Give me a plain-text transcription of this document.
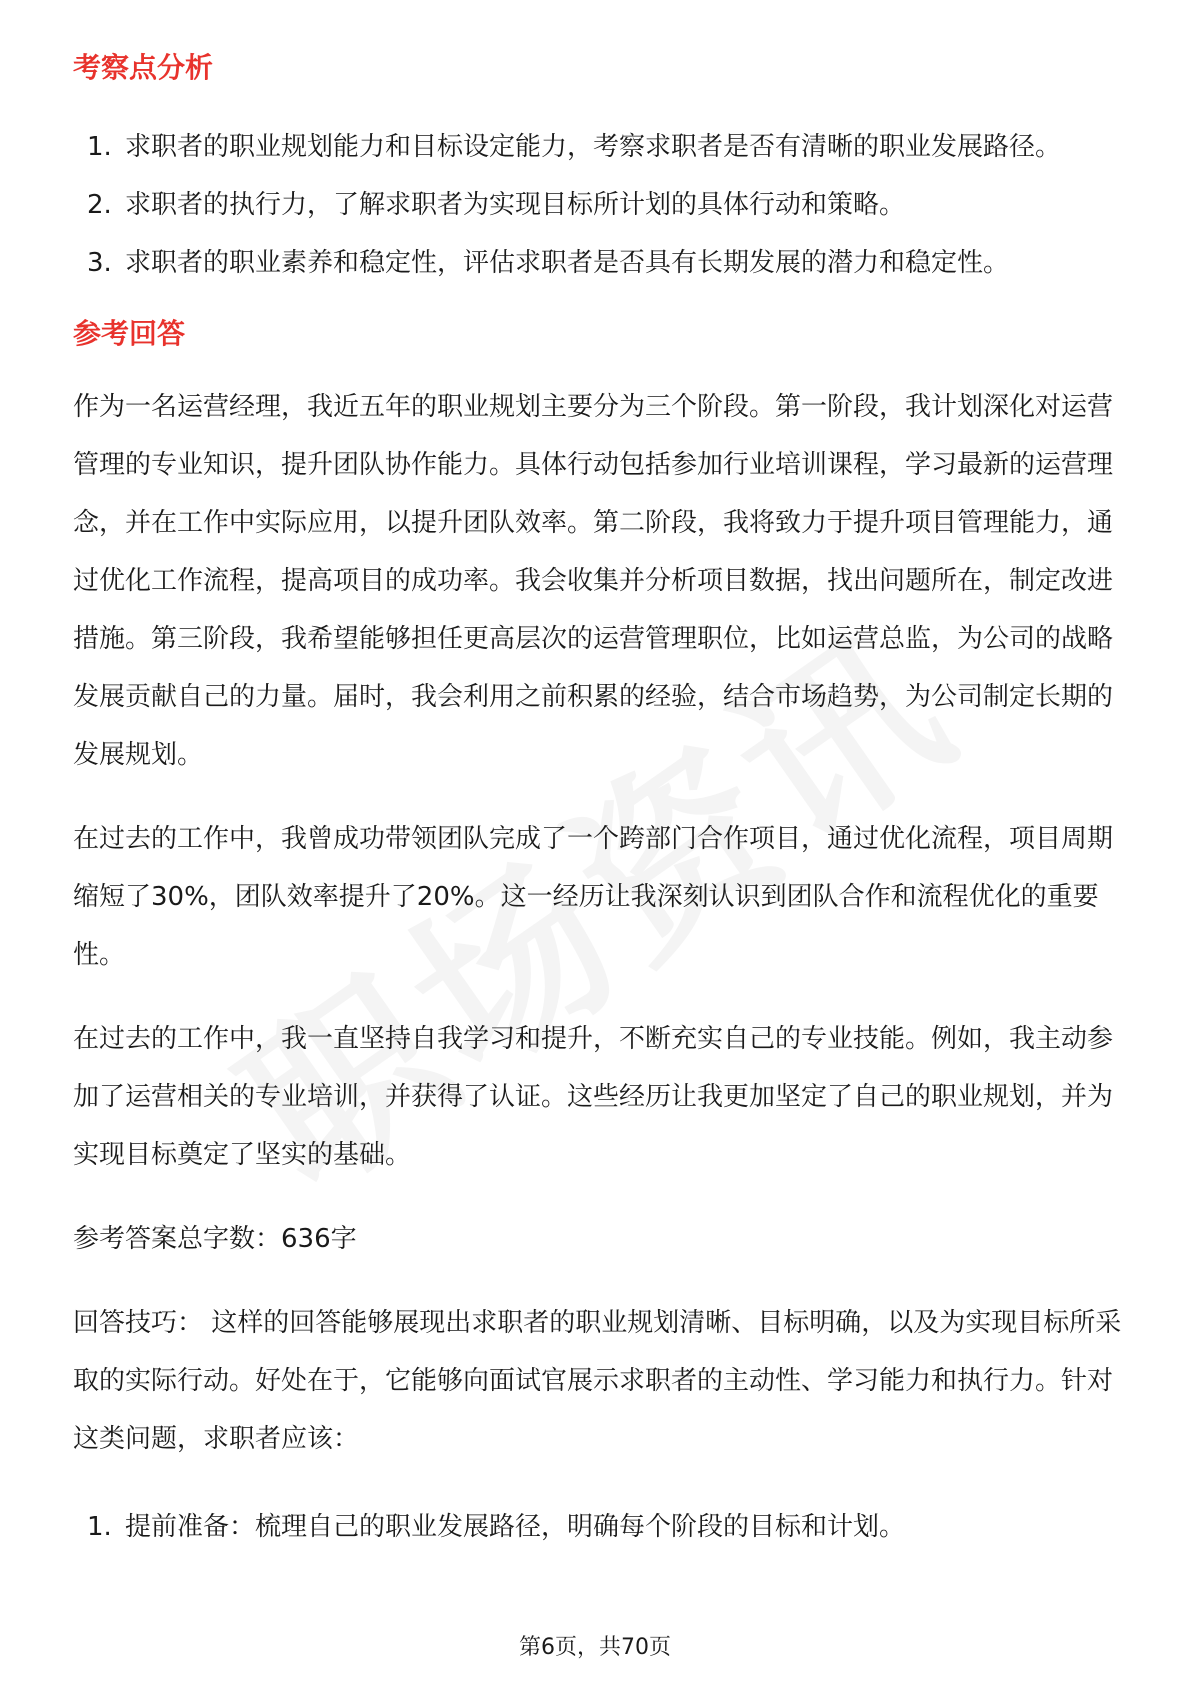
考察点分析
1. 求职者的职业规划能力和目标设定能力，考察求职者是否有清晰的职业发展路径。
2. 求职者的执行力，了解求职者为实现目标所计划的具体行动和策略。
3. 求职者的职业素养和稳定性，评估求职者是否具有长期发展的潜力和稳定性。
参考回答

作为一名运营经理，我近五年的职业规划主要分为三个阶段。第一阶段，我计划深化对运营管理的专业知识，提升团队协作能力。具体行动包括参加行业培训课程，学习最新的运营理念，并在工作中实际应用，以提升团队效率。第二阶段，我将致力于提升项目管理能力，通过优化工作流程，提高项目的成功率。我会收集并分析项目数据，找出问题所在，制定改进措施。第三阶段，我希望能够担任更高层次的运营管理职位，比如运营总监，为公司的战略发展贡献自己的力量。届时，我会利用之前积累的经验，结合市场趋势，为公司制定长期的发展规划。

在过去的工作中，我曾成功带领团队完成了一个跨部门合作项目，通过优化流程，项目周期缩短了30%，团队效率提升了20%。这一经历让我深刻认识到团队合作和流程优化的重要性。

在过去的工作中，我一直坚持自我学习和提升，不断充实自己的专业技能。例如，我主动参加了运营相关的专业培训，并获得了认证。这些经历让我更加坚定了自己的职业规划，并为实现目标奠定了坚实的基础。

参考答案总字数：636字

回答技巧： 这样的回答能够展现出求职者的职业规划清晰、目标明确，以及为实现目标所采取的实际行动。好处在于，它能够向面试官展示求职者的主动性、学习能力和执行力。针对这类问题，求职者应该：

1. 提前准备：梳理自己的职业发展路径，明确每个阶段的目标和计划。
第6页，共70页
